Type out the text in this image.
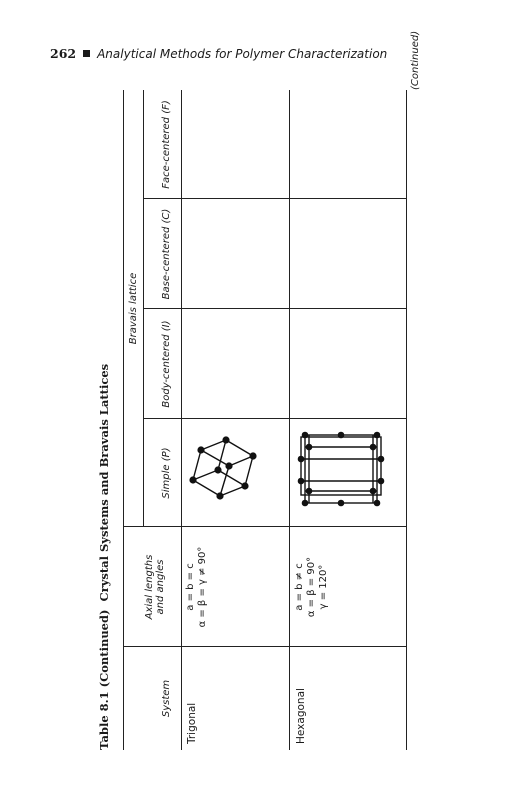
262 Analytical Methods for Polymer Characterization
Table 8.1 (Continued)Crystal Systems and Bravais Lattices
System
Axial lengths and angles
Bravais lattice
Simple (P)
Body-centered (I)
Base-centered (C)
Face-centered (F)
Trigonal
a = b = c α = β = γ ≠ 90°
Hexagonal
a = b ≠ c α = β = 90° γ = 120°
(Continued)
